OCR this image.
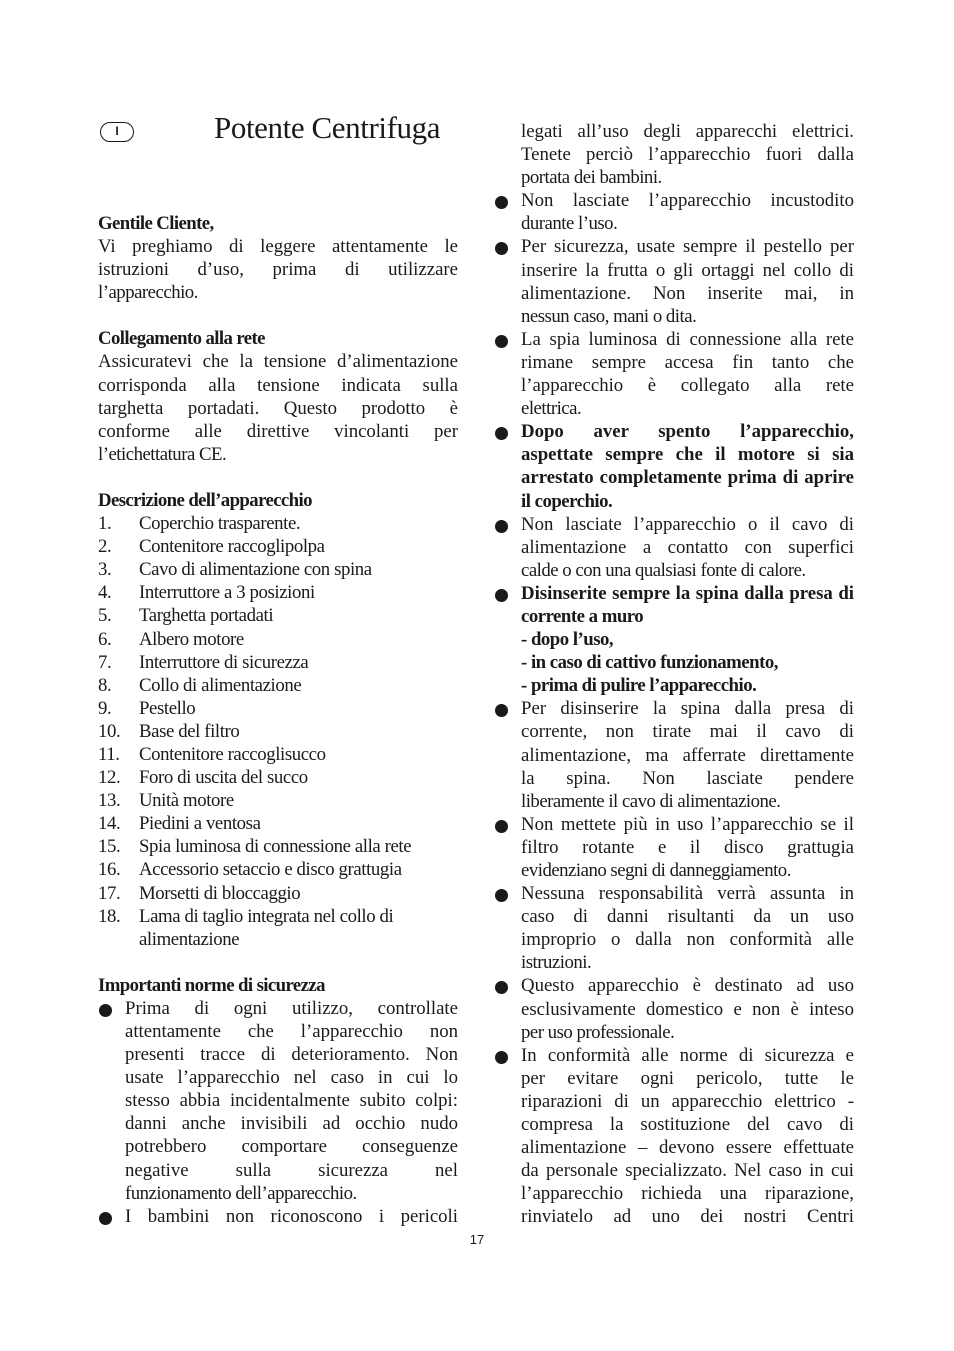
I	Potente Centrifuga
Gentile Cliente,
Vi preghiamo di leggere attentamente le
istruzioni d’uso, prima di utilizzare
l’apparecchio.
Collegamento alla rete
Assicuratevi che la tensione d’alimentazione
corrisponda alla tensione indicata sulla
targhetta portadati. Questo prodotto è
conforme alle direttive vincolanti per
l’etichettatura CE.
Descrizione dell’apparecchio
1. Coperchio trasparente.
2. Contenitore raccoglipolpa
3. Cavo di alimentazione con spina
4. Interruttore a 3 posizioni
5. Targhetta portadati
6. Albero motore
7. Interruttore di sicurezza
8. Collo di alimentazione
9. Pestello
10. Base del filtro
11. Contenitore raccoglisucco
12. Foro di uscita del succo
13. Unità motore
14. Piedini a ventosa
15. Spia luminosa di connessione alla rete
16. Accessorio setaccio e disco grattugia
17. Morsetti di bloccaggio
18. Lama di taglio integrata nel collo di
alimentazione
Importanti norme di sicurezza
Prima di ogni utilizzo, controllate
attentamente che l’apparecchio non
presenti tracce di deterioramento. Non
usate l’apparecchio nel caso in cui lo
stesso abbia incidentalmente subito colpi:
danni anche invisibili ad occhio nudo
potrebbero comportare conseguenze
negative sulla sicurezza nel
funzionamento dell’apparecchio.
I bambini non riconoscono i pericoli
legati all’uso degli apparecchi elettrici.
Tenete perciò l’apparecchio fuori dalla
portata dei bambini.
Non lasciate l’apparecchio incustodito
durante l’uso.
Per sicurezza, usate sempre il pestello per
inserire la frutta o gli ortaggi nel collo di
alimentazione. Non inserite mai, in
nessun caso, mani o dita.
La spia luminosa di connessione alla rete
rimane sempre accesa fin tanto che
l’apparecchio è collegato alla rete
elettrica.
Dopo aver spento l’apparecchio,
aspettate sempre che il motore si sia
arrestato completamente prima di aprire
il coperchio.
Non lasciate l’apparecchio o il cavo di
alimentazione a contatto con superfici
calde o con una qualsiasi fonte di calore.
Disinserite sempre la spina dalla presa di
corrente a muro
- dopo l’uso,
- in caso di cattivo funzionamento,
- prima di pulire l’apparecchio.
Per disinserire la spina dalla presa di
corrente, non tirate mai il cavo di
alimentazione, ma afferrate direttamente
la spina. Non lasciate pendere
liberamente il cavo di alimentazione.
Non mettete più in uso l’apparecchio se il
filtro rotante e il disco grattugia
evidenziano segni di danneggiamento.
Nessuna responsabilità verrà assunta in
caso di danni risultanti da un uso
improprio o dalla non conformità alle
istruzioni.
Questo apparecchio è destinato ad uso
esclusivamente domestico e non è inteso
per uso professionale.
In conformità alle norme di sicurezza e
per evitare ogni pericolo, tutte le
riparazioni di un apparecchio elettrico -
compresa la sostituzione del cavo di
alimentazione – devono essere effettuate
da personale specializzato. Nel caso in cui
l’apparecchio richieda una riparazione,
rinviatelo ad uno dei nostri Centri
17
